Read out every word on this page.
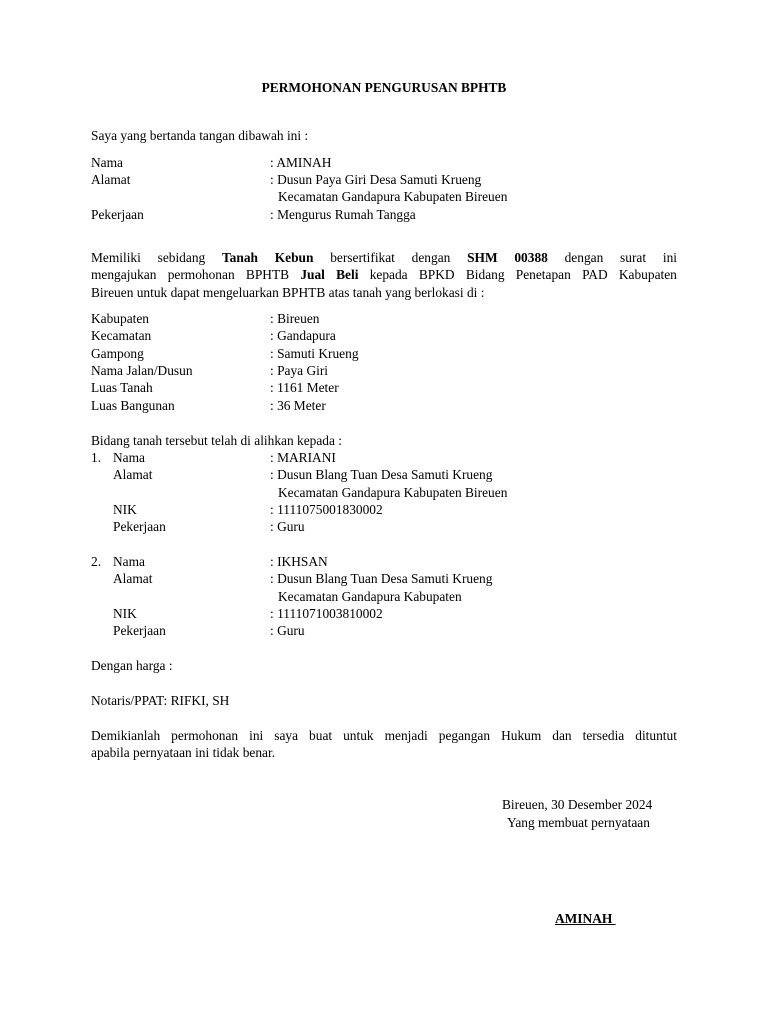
PERMOHONAN PENGURUSAN BPHTB
Saya yang bertanda tangan dibawah ini :
Nama	: AMINAH
Alamat	: Dusun Paya Giri Desa Samuti Krueng
Kecamatan Gandapura Kabupaten Bireuen
Pekerjaan	: Mengurus Rumah Tangga
Memiliki sebidang Tanah Kebun bersertifikat dengan SHM 00388 dengan surat ini
mengajukan permohonan BPHTB Jual Beli kepada BPKD Bidang Penetapan PAD Kabupaten
Bireuen untuk dapat mengeluarkan BPHTB atas tanah yang berlokasi di :
Kabupaten	: Bireuen
Kecamatan	: Gandapura
Gampong	: Samuti Krueng
Nama Jalan/Dusun	: Paya Giri
Luas Tanah	: 1161 Meter
Luas Bangunan	: 36 Meter
Bidang tanah tersebut telah di alihkan kepada :
1. Nama	: MARIANI
Alamat	: Dusun Blang Tuan Desa Samuti Krueng
Kecamatan Gandapura Kabupaten Bireuen
NIK	: 1111075001830002
Pekerjaan	: Guru
2. Nama	: IKHSAN
Alamat	: Dusun Blang Tuan Desa Samuti Krueng
Kecamatan Gandapura Kabupaten
NIK	: 1111071003810002
Pekerjaan	: Guru
Dengan harga :
Notaris/PPAT: RIFKI, SH
Demikianlah permohonan ini saya buat untuk menjadi pegangan Hukum dan tersedia dituntut
apabila pernyataan ini tidak benar.
Bireuen, 30 Desember 2024
Yang membuat pernyataan
AMINAH
